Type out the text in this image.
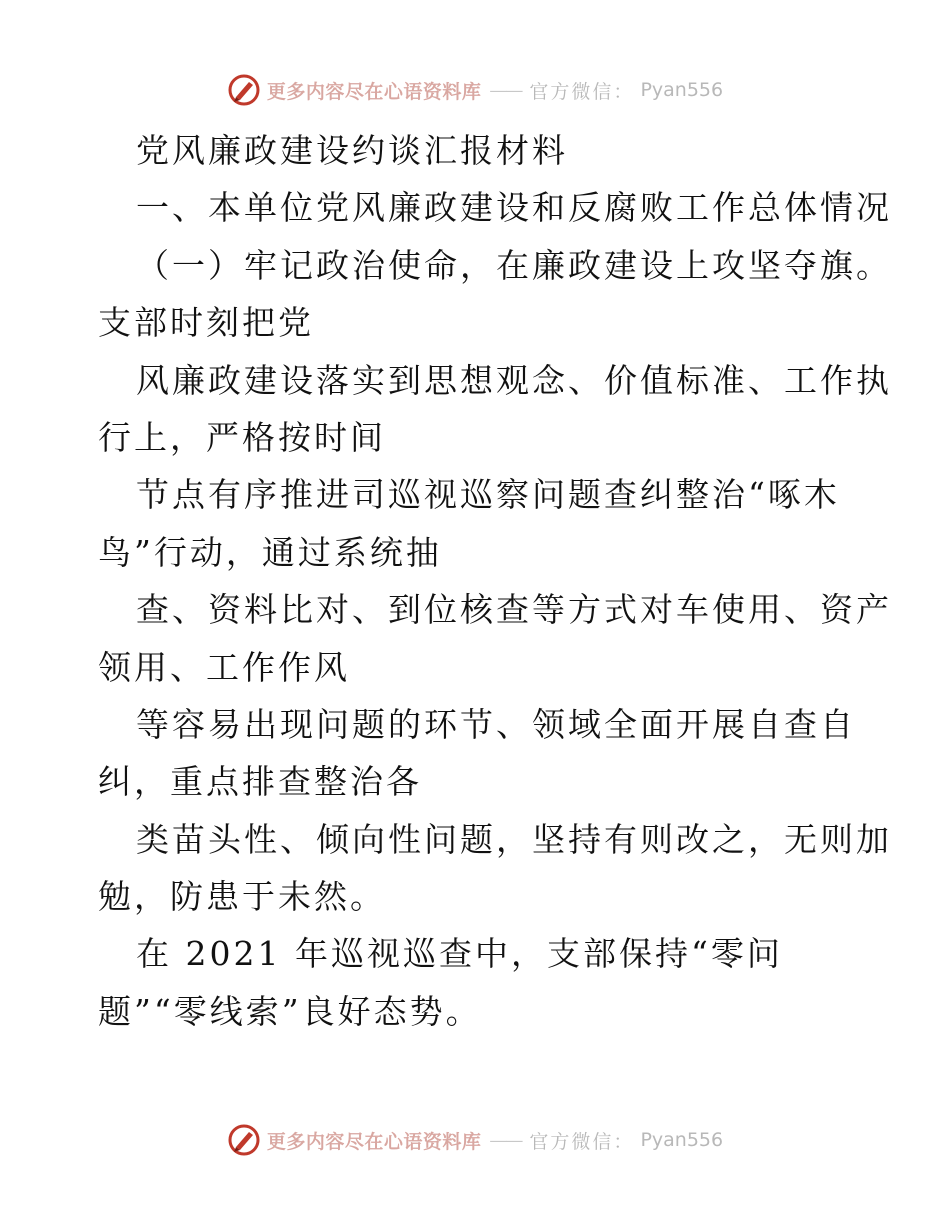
更多内容尽在心语资料库 —— 官方微信： Pyan556
党风廉政建设约谈汇报材料
一、本单位党风廉政建设和反腐败工作总体情况
（一）牢记政治使命，在廉政建设上攻坚夺旗。
支部时刻把党
风廉政建设落实到思想观念、价值标准、工作执
行上，严格按时间
节点有序推进司巡视巡察问题查纠整治“啄木
鸟”行动，通过系统抽
查、资料比对、到位核查等方式对车使用、资产
领用、工作作风
等容易出现问题的环节、领域全面开展自查自
纠，重点排查整治各
类苗头性、倾向性问题，坚持有则改之，无则加
勉，防患于未然。
在 2021 年巡视巡查中，支部保持“零问
题”“零线索”良好态势。
更多内容尽在心语资料库 —— 官方微信： Pyan556
